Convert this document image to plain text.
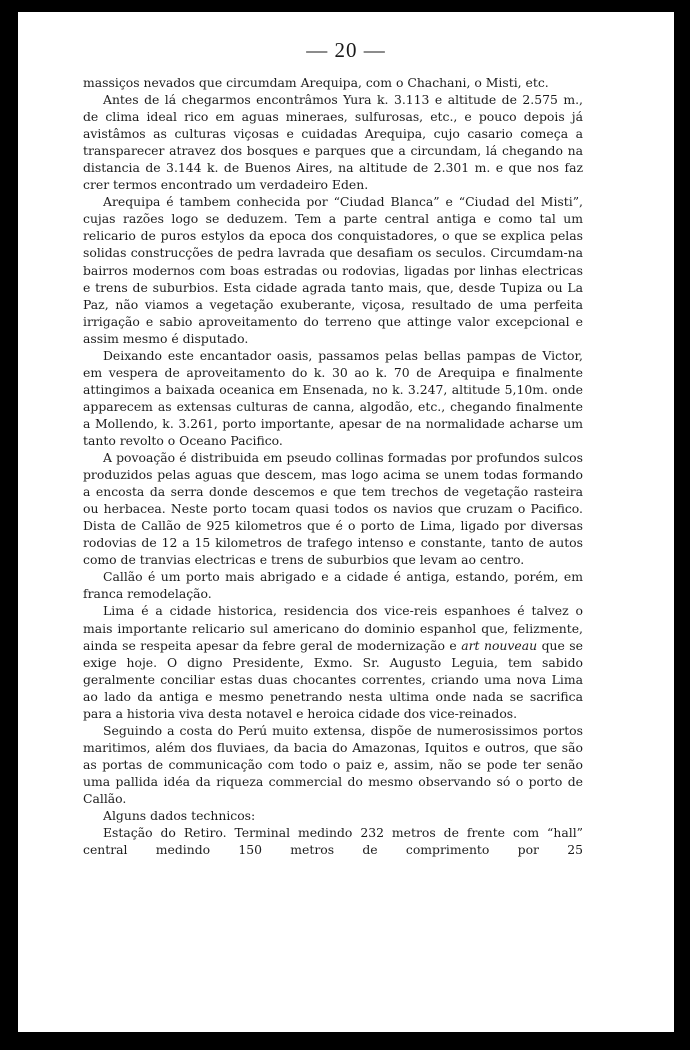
— 20 —

massiços nevados que circumdam Arequipa, com o Chachani, o Misti, etc.

Antes de lá chegarmos encontrâmos Yura k. 3.113 e altitude de 2.575 m., de clima ideal rico em aguas mineraes, sulfurosas, etc., e pouco depois já avistâmos as culturas viçosas e cuidadas Arequipa, cujo casario começa a transparecer atravez dos bosques e parques que a circundam, lá chegando na distancia de 3.144 k. de Buenos Aires, na altitude de 2.301 m. e que nos faz crer termos encontrado um verdadeiro Eden.

Arequipa é tambem conhecida por “Ciudad Blanca” e “Ciudad del Misti”, cujas razões logo se deduzem. Tem a parte central antiga e como tal um relicario de puros estylos da epoca dos conquistadores, o que se explica pelas solidas construcções de pedra lavrada que desafiam os seculos. Circumdam-na bairros modernos com boas estradas ou rodovias, ligadas por linhas electricas e trens de suburbios. Esta cidade agrada tanto mais, que, desde Tupiza ou La Paz, não viamos a vegetação exuberante, viçosa, resultado de uma perfeita irrigação e sabio aproveitamento do terreno que attinge valor excepcional e assim mesmo é disputado.

Deixando este encantador oasis, passamos pelas bellas pampas de Victor, em vespera de aproveitamento do k. 30 ao k. 70 de Arequipa e finalmente attingimos a baixada oceanica em Ensenada, no k. 3.247, altitude 5,10m. onde apparecem as extensas culturas de canna, algodão, etc., chegando finalmente a Mollendo, k. 3.261, porto importante, apesar de na normalidade acharse um tanto revolto o Oceano Pacifico.

A povoação é distribuida em pseudo collinas formadas por profundos sulcos produzidos pelas aguas que descem, mas logo acima se unem todas formando a encosta da serra donde descemos e que tem trechos de vegetação rasteira ou herbacea. Neste porto tocam quasi todos os navios que cruzam o Pacifico. Dista de Callão de 925 kilometros que é o porto de Lima, ligado por diversas rodovias de 12 a 15 kilometros de trafego intenso e constante, tanto de autos como de tranvias electricas e trens de suburbios que levam ao centro.

Callão é um porto mais abrigado e a cidade é antiga, estando, porém, em franca remodelação.

Lima é a cidade historica, residencia dos vice-reis espanhoes é talvez o mais importante relicario sul americano do dominio espanhol que, felizmente, ainda se respeita apesar da febre geral de modernização e art nouveau que se exige hoje. O digno Presidente, Exmo. Sr. Augusto Leguia, tem sabido geralmente conciliar estas duas chocantes correntes, criando uma nova Lima ao lado da antiga e mesmo penetrando nesta ultima onde nada se sacrifica para a historia viva desta notavel e heroica cidade dos vice-reinados.

Seguindo a costa do Perú muito extensa, dispõe de numerosissimos portos maritimos, além dos fluviaes, da bacia do Amazonas, Iquitos e outros, que são as portas de communicação com todo o paiz e, assim, não se pode ter senão uma pallida idéa da riqueza commercial do mesmo observando só o porto de Callão.

Alguns dados technicos:

Estação do Retiro. Terminal medindo 232 metros de frente com “hall” central medindo 150 metros de comprimento por 25
